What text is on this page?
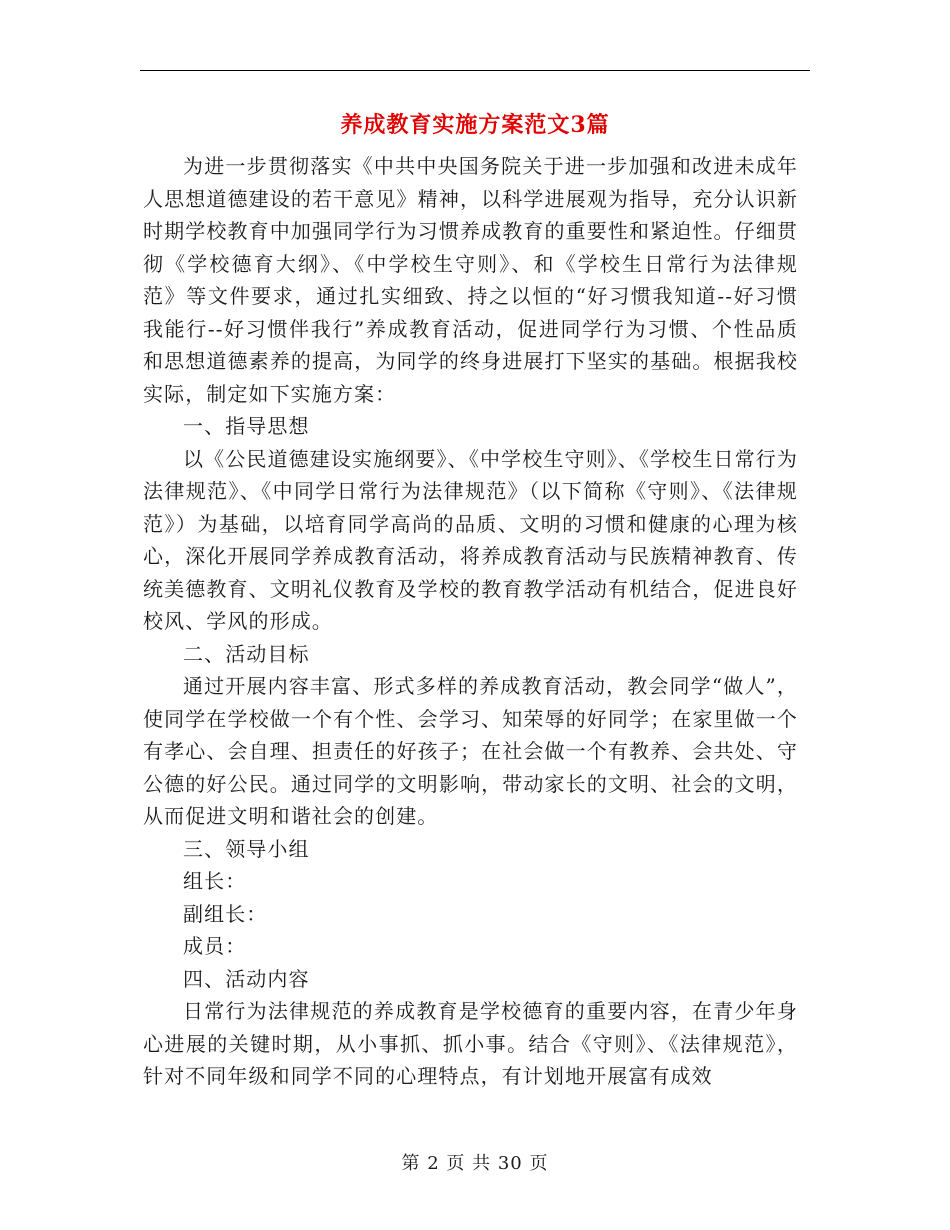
养成教育实施方案范文3篇

为进一步贯彻落实《中共中央国务院关于进一步加强和改进未成年人思想道德建设的若干意见》精神，以科学进展观为指导，充分认识新时期学校教育中加强同学行为习惯养成教育的重要性和紧迫性。仔细贯彻《学校德育大纲》、《中学校生守则》、和《学校生日常行为法律规范》等文件要求，通过扎实细致、持之以恒的“好习惯我知道--好习惯我能行--好习惯伴我行”养成教育活动，促进同学行为习惯、个性品质和思想道德素养的提高，为同学的终身进展打下坚实的基础。根据我校实际，制定如下实施方案：

一、指导思想

以《公民道德建设实施纲要》、《中学校生守则》、《学校生日常行为法律规范》、《中同学日常行为法律规范》（以下简称《守则》、《法律规范》）为基础，以培育同学高尚的品质、文明的习惯和健康的心理为核心，深化开展同学养成教育活动，将养成教育活动与民族精神教育、传统美德教育、文明礼仪教育及学校的教育教学活动有机结合，促进良好校风、学风的形成。

二、活动目标

通过开展内容丰富、形式多样的养成教育活动，教会同学“做人”，使同学在学校做一个有个性、会学习、知荣辱的好同学；在家里做一个有孝心、会自理、担责任的好孩子；在社会做一个有教养、会共处、守公德的好公民。通过同学的文明影响，带动家长的文明、社会的文明，从而促进文明和谐社会的创建。

三、领导小组

组长：

副组长：

成员：

四、活动内容

日常行为法律规范的养成教育是学校德育的重要内容，在青少年身心进展的关键时期，从小事抓、抓小事。结合《守则》、《法律规范》，针对不同年级和同学不同的心理特点，有计划地开展富有成效

第 2 页 共 30 页
